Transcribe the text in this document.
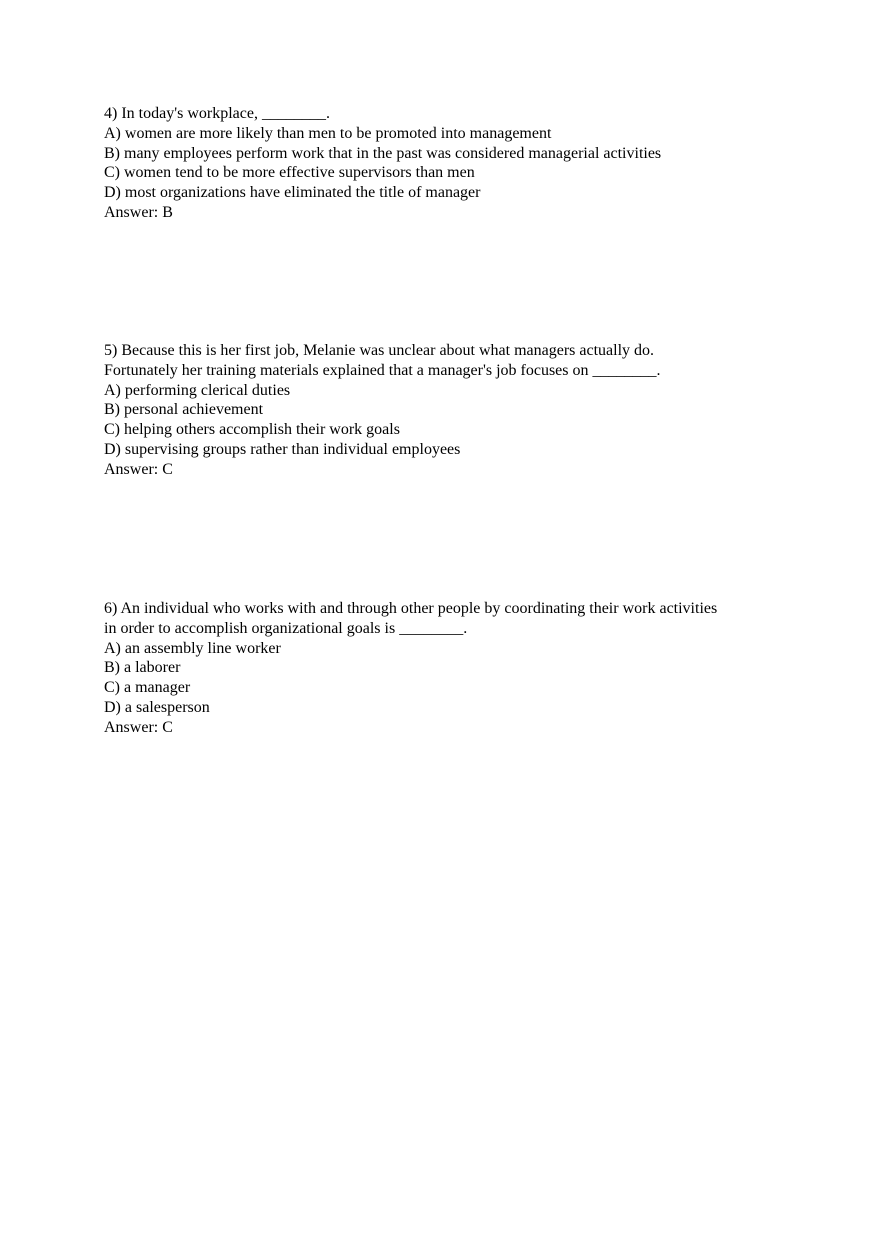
4) In today's workplace, ________.
A) women are more likely than men to be promoted into management
B) many employees perform work that in the past was considered managerial activities
C) women tend to be more effective supervisors than men
D) most organizations have eliminated the title of manager
Answer: B
5) Because this is her first job, Melanie was unclear about what managers actually do.
Fortunately her training materials explained that a manager's job focuses on ________.
A) performing clerical duties
B) personal achievement
C) helping others accomplish their work goals
D) supervising groups rather than individual employees
Answer: C
6) An individual who works with and through other people by coordinating their work activities
in order to accomplish organizational goals is ________.
A) an assembly line worker
B) a laborer
C) a manager
D) a salesperson
Answer: C
